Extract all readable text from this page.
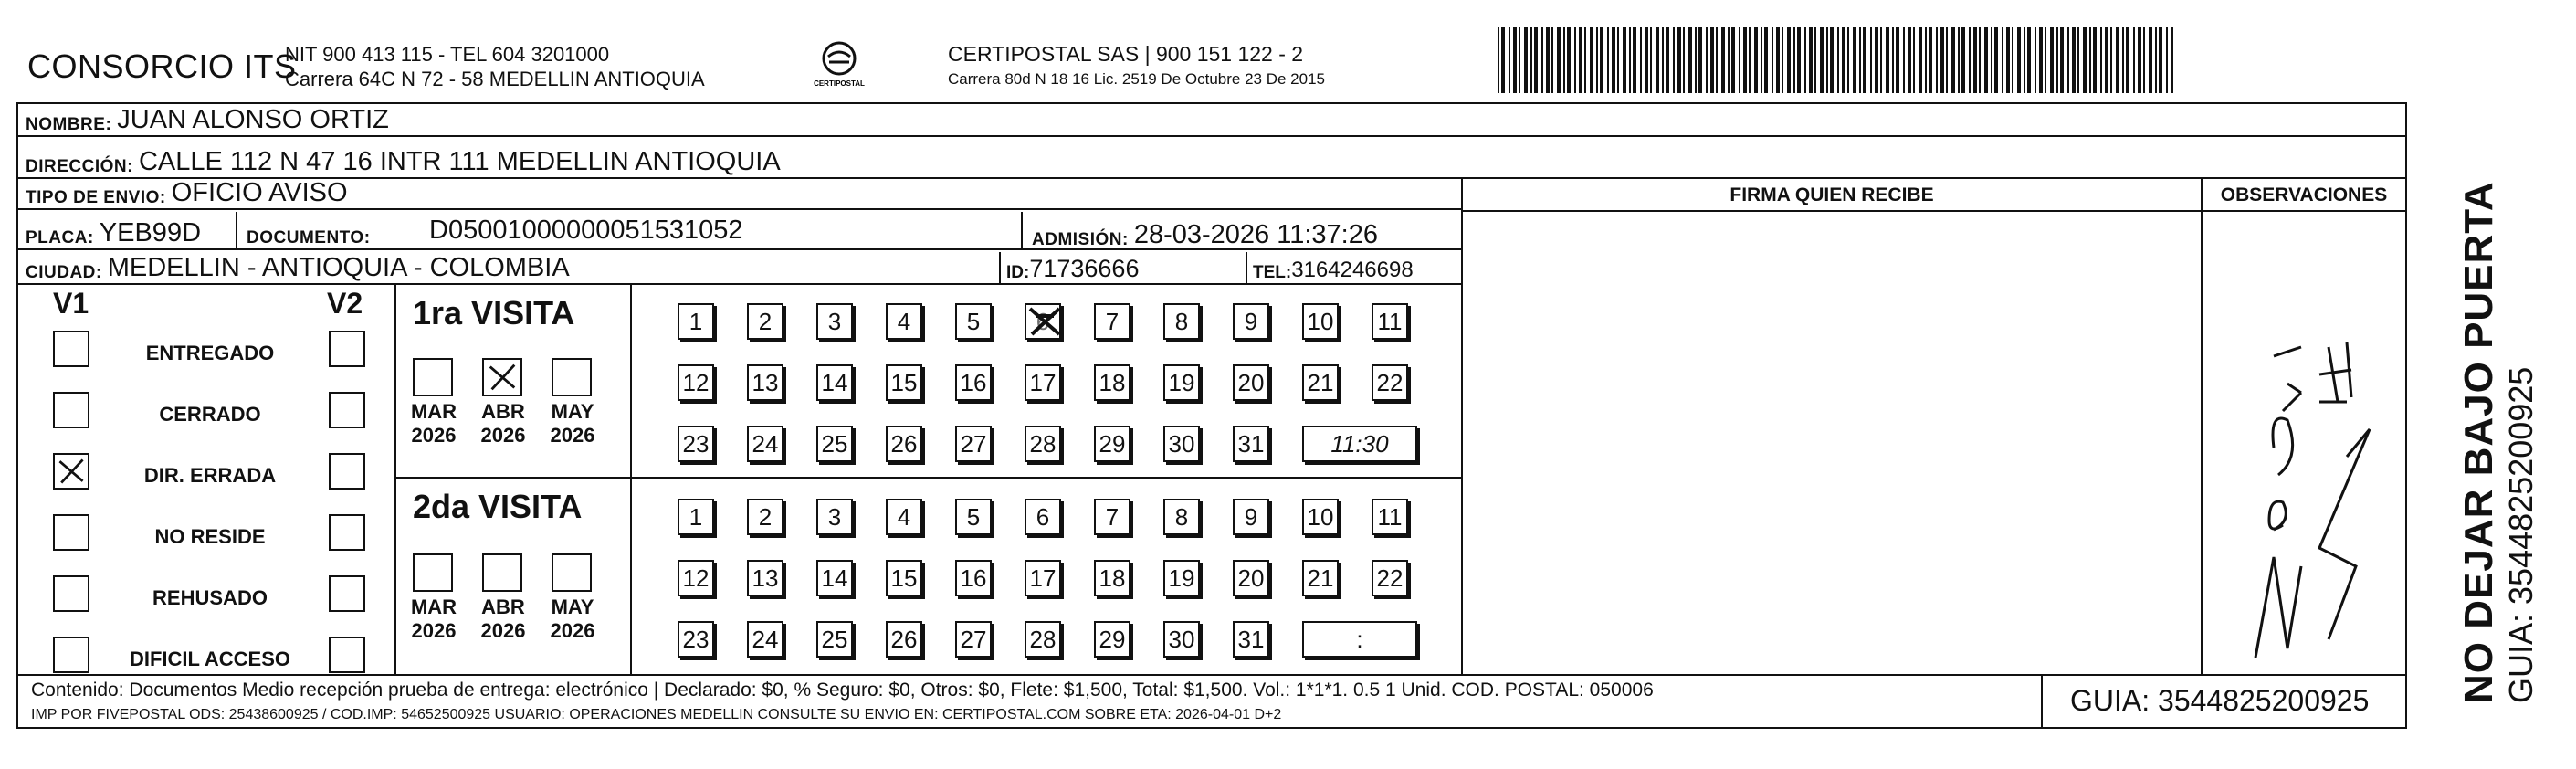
CONSORCIO ITS
NIT 900 413 115 - TEL 604 3201000
Carrera 64C N 72 - 58 MEDELLIN ANTIOQUIA	CERTIPOSTAL
CERTIPOSTAL SAS | 900 151 122 - 2
Carrera 80d N 18 16 Lic. 2519 De Octubre 23 De 2015
NOMBRE: JUAN ALONSO ORTIZ
DIRECCIÓN: CALLE 112 N 47 16 INTR 111 MEDELLIN ANTIOQUIA
TIPO DE ENVIO: OFICIO AVISO
PLACA: YEB99D	DOCUMENTO: D05001000000051531052	ADMISIÓN: 28-03-2026 11:37:26
CIUDAD: MEDELLIN - ANTIOQUIA - COLOMBIA	ID: 71736666	TEL: 3164246698
FIRMA QUIEN RECIBE	OBSERVACIONES
V1	V2
ENTREGADO
CERRADO
DIR. ERRADA
NO RESIDE
REHUSADO
DIFICIL ACCESO
1ra VISITA
MAR
2026
ABR
2026
MAY
2026
1	2	3	4	5	6	7	8	9	10 11
12 13 14 15 16 17 18 19 20 21 22
23 24 25 26 27 28 29 30 31	11:30
2da VISITA
MAR
2026
ABR
2026
MAY
2026
1	2	3	4	5	6	7	8	9	10 11
12 13 14 15 16 17 18 19 20 21 22
23 24 25 26 27 28 29 30 31	:
Contenido: Documentos Medio recepción prueba de entrega: electrónico | Declarado: $0, % Seguro: $0, Otros: $0, Flete: $1,500, Total: $1,500. Vol.: 1*1*1. 0.5 1 Unid. COD. POSTAL: 050006
IMP POR FIVEPOSTAL ODS: 25438600925 / COD.IMP: 54652500925 USUARIO: OPERACIONES MEDELLIN CONSULTE SU ENVIO EN: CERTIPOSTAL.COM SOBRE ETA: 2026-04-01 D+2	GUIA: 3544825200925	NO DEJAR BAJO PUERTA GUIA: 3544825200925
